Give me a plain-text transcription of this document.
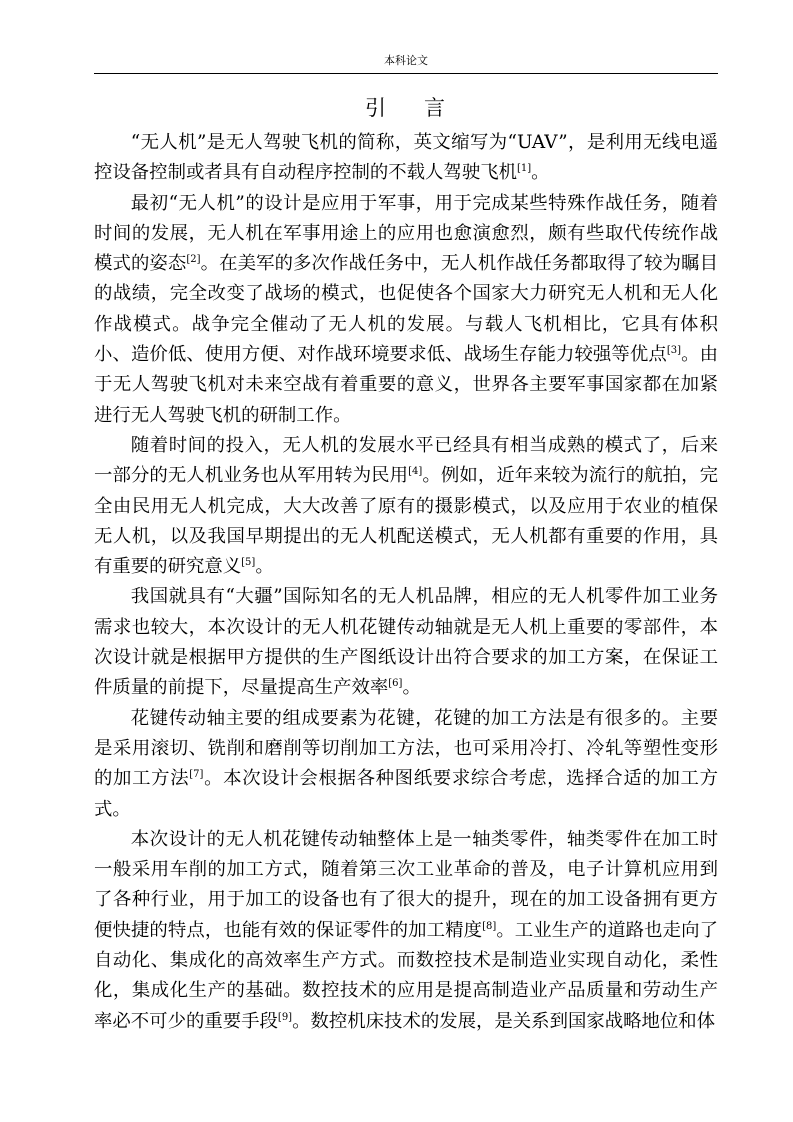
本科论文
引 言

“无人机”是无人驾驶飞机的简称，英文缩写为“UAV”，是利用无线电遥控设备控制或者具有自动程序控制的不载人驾驶飞机[1]。

最初“无人机”的设计是应用于军事，用于完成某些特殊作战任务，随着时间的发展，无人机在军事用途上的应用也愈演愈烈，颇有些取代传统作战模式的姿态[2]。在美军的多次作战任务中，无人机作战任务都取得了较为瞩目的战绩，完全改变了战场的模式，也促使各个国家大力研究无人机和无人化作战模式。战争完全催动了无人机的发展。与载人飞机相比，它具有体积小、造价低、使用方便、对作战环境要求低、战场生存能力较强等优点[3]。由于无人驾驶飞机对未来空战有着重要的意义，世界各主要军事国家都在加紧进行无人驾驶飞机的研制工作。

随着时间的投入，无人机的发展水平已经具有相当成熟的模式了，后来一部分的无人机业务也从军用转为民用[4]。例如，近年来较为流行的航拍，完全由民用无人机完成，大大改善了原有的摄影模式，以及应用于农业的植保无人机，以及我国早期提出的无人机配送模式，无人机都有重要的作用，具有重要的研究意义[5]。

我国就具有“大疆”国际知名的无人机品牌，相应的无人机零件加工业务需求也较大，本次设计的无人机花键传动轴就是无人机上重要的零部件，本次设计就是根据甲方提供的生产图纸设计出符合要求的加工方案，在保证工件质量的前提下，尽量提高生产效率[6]。

花键传动轴主要的组成要素为花键，花键的加工方法是有很多的。主要是采用滚切、铣削和磨削等切削加工方法，也可采用冷打、冷轧等塑性变形的加工方法[7]。本次设计会根据各种图纸要求综合考虑，选择合适的加工方式。

本次设计的无人机花键传动轴整体上是一轴类零件，轴类零件在加工时一般采用车削的加工方式，随着第三次工业革命的普及，电子计算机应用到了各种行业，用于加工的设备也有了很大的提升，现在的加工设备拥有更方便快捷的特点，也能有效的保证零件的加工精度[8]。工业生产的道路也走向了自动化、集成化的高效率生产方式。而数控技术是制造业实现自动化，柔性化，集成化生产的基础。数控技术的应用是提高制造业产品质量和劳动生产率必不可少的重要手段[9]。数控机床技术的发展，是关系到国家战略地位和体
